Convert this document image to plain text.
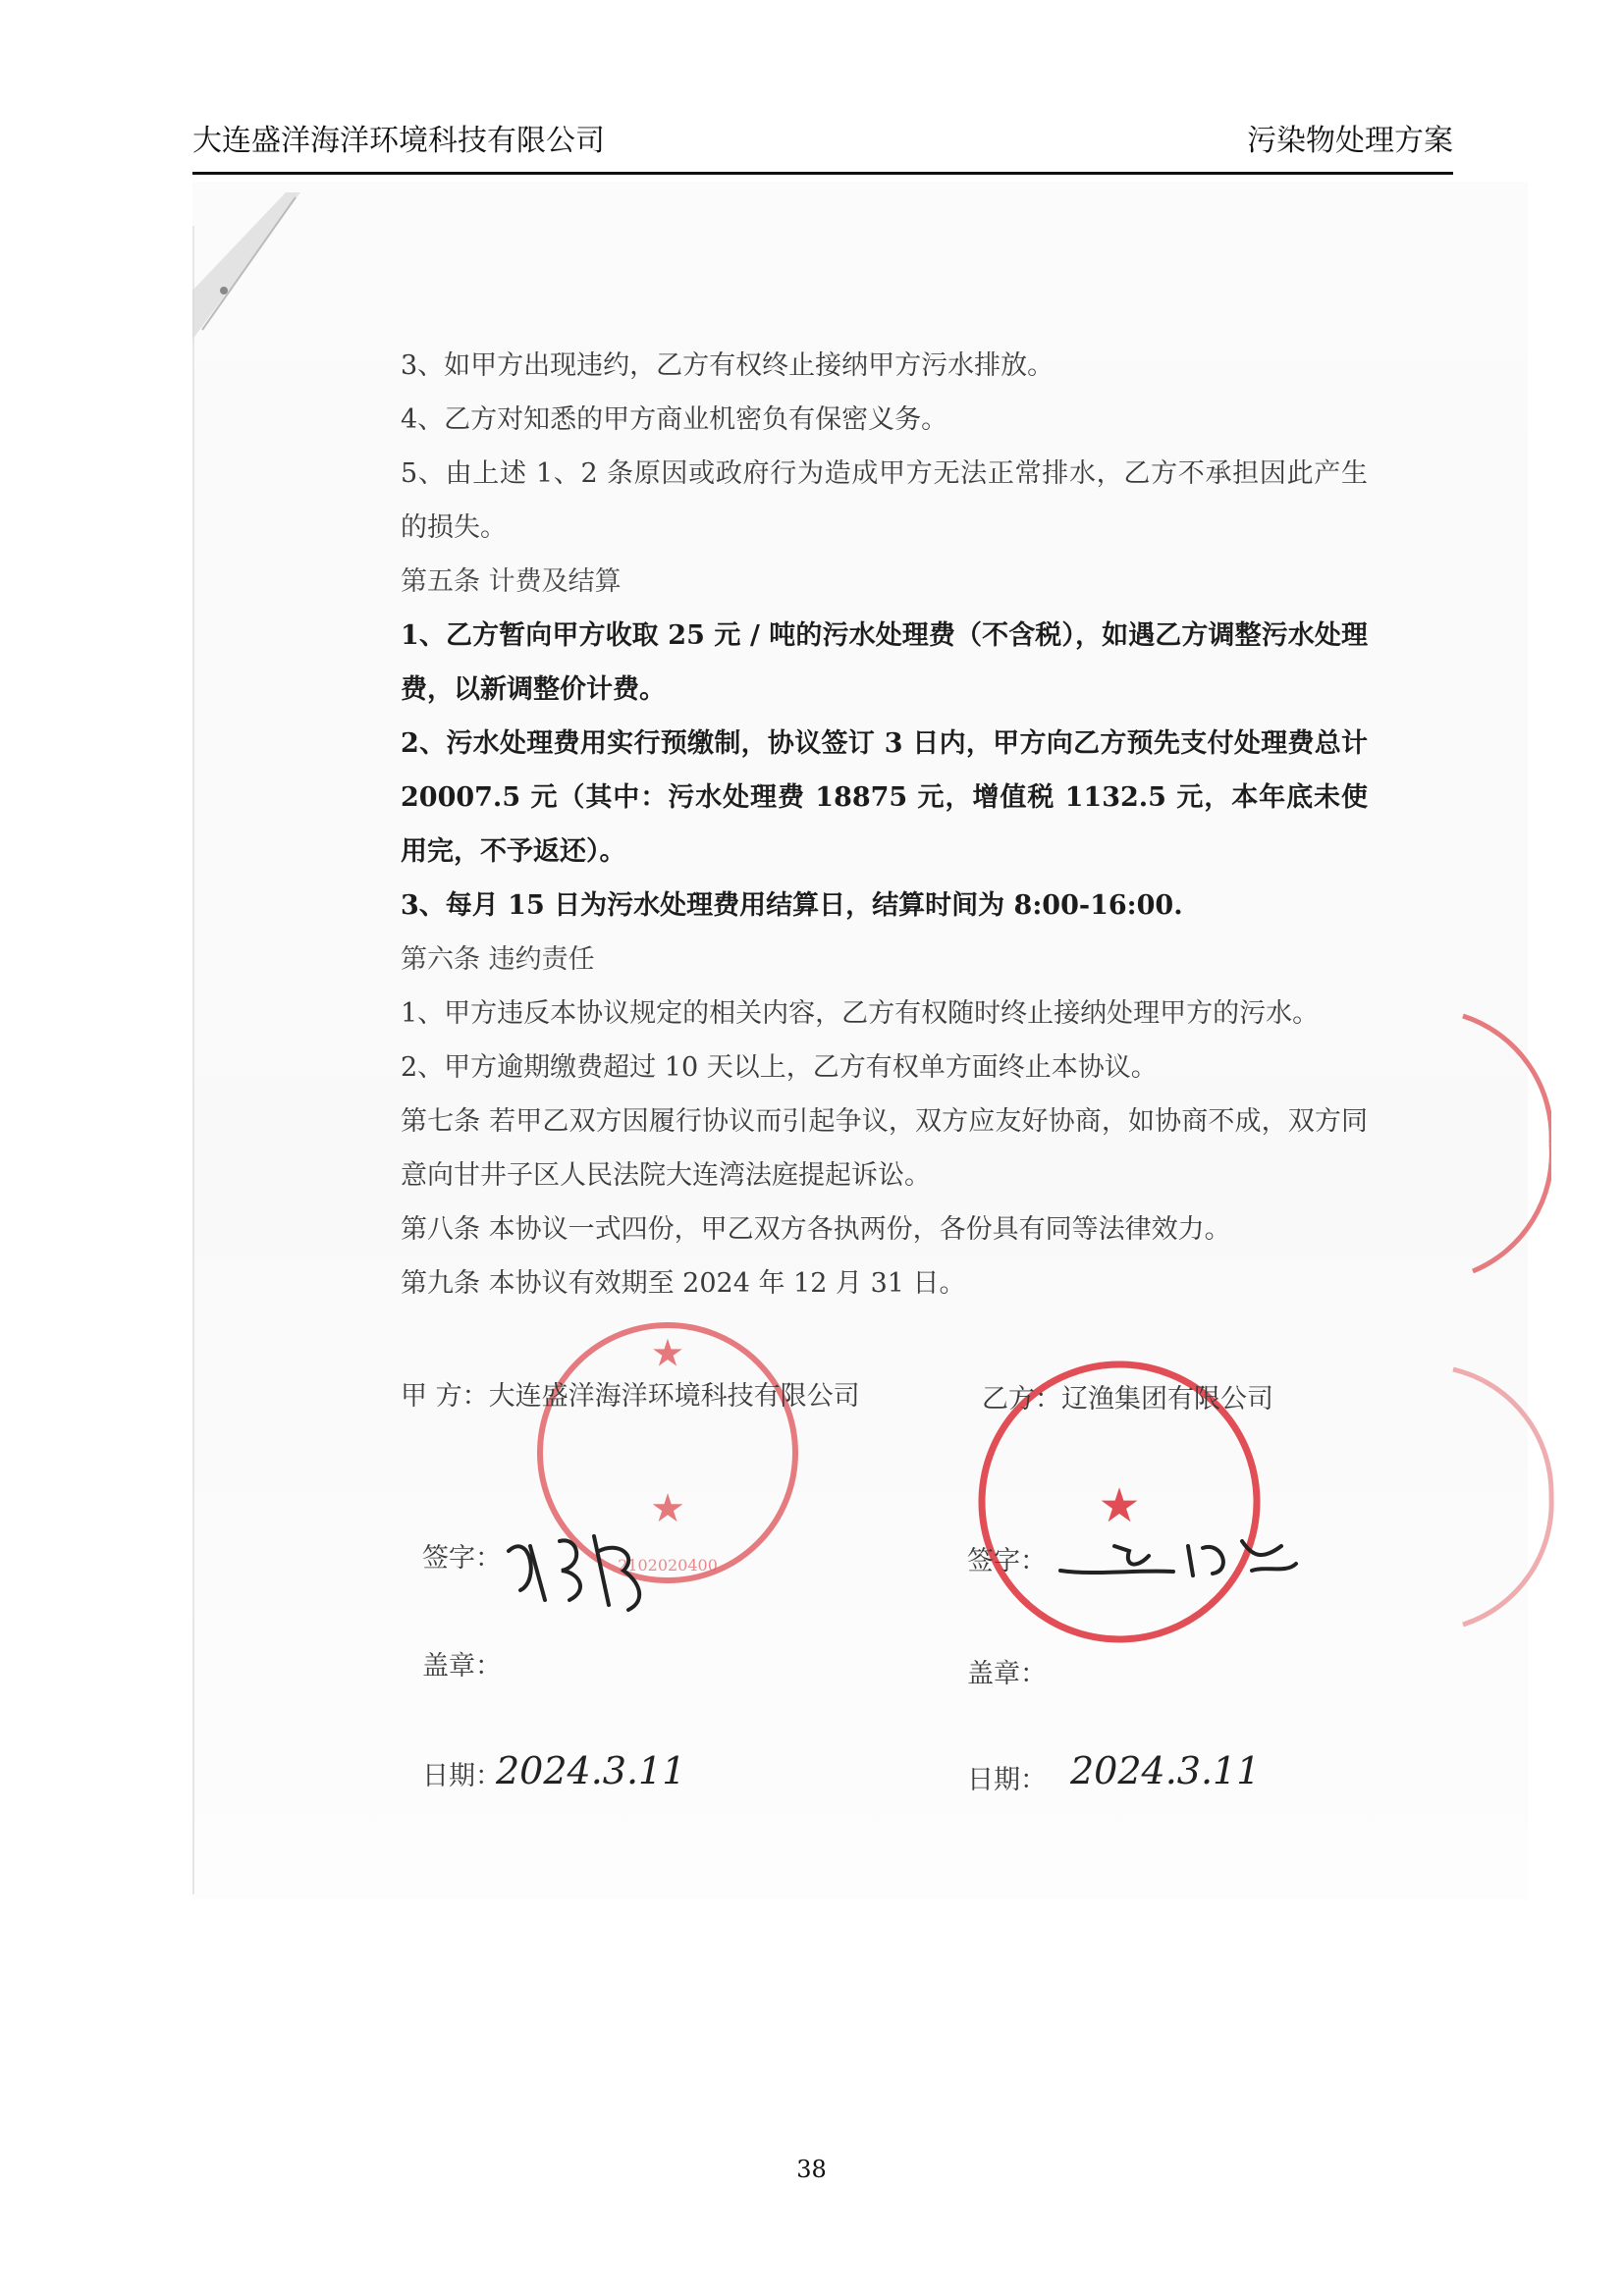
大连盛洋海洋环境科技有限公司	污染物处理方案
3、如甲方出现违约，乙方有权终止接纳甲方污水排放。
4、乙方对知悉的甲方商业机密负有保密义务。
5、由上述 1、2 条原因或政府行为造成甲方无法正常排水，乙方不承担因此产生的损失。
第五条 计费及结算
1、乙方暂向甲方收取 25 元 / 吨的污水处理费（不含税），如遇乙方调整污水处理费，以新调整价计费。
2、污水处理费用实行预缴制，协议签订 3 日内，甲方向乙方预先支付处理费总计 20007.5 元（其中：污水处理费 18875 元，增值税 1132.5 元，本年底未使用完，不予返还）。
3、每月 15 日为污水处理费用结算日，结算时间为 8:00-16:00.
第六条 违约责任
1、甲方违反本协议规定的相关内容，乙方有权随时终止接纳处理甲方的污水。
2、甲方逾期缴费超过 10 天以上，乙方有权单方面终止本协议。
第七条 若甲乙双方因履行协议而引起争议，双方应友好协商，如协商不成，双方同意向甘井子区人民法院大连湾法庭提起诉讼。
第八条 本协议一式四份，甲乙双方各执两份，各份具有同等法律效力。
第九条 本协议有效期至 2024 年 12 月 31 日。
★
★
2102020400
★
甲 方：大连盛洋海洋环境科技有限公司	乙方：辽渔集团有限公司
签字：	签字：
盖章：	盖章：
日期：	日期：
2024.3.11	2024.3.11
38
